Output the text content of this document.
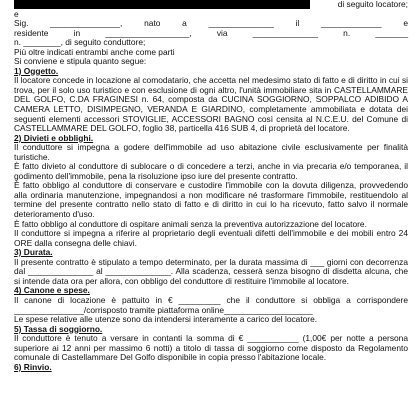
di seguito locatore;
e
Sig. _______________, nato a ______________ il _____________ e
residente in __________________, via ______________ n. _______
n. ________, di seguito conduttore;
Più oltre indicati entrambi anche come parti
Si conviene e stipula quanto segue:
1) Oggetto.
Il locatore concede in locazione al comodatario, che accetta nel medesimo stato di fatto e di diritto in cui si trova, per il solo uso turistico e con esclusione di ogni altro, l'unità immobiliare sita in CASTELLAMMARE DEL GOLFO, C.DA FRAGINESI n. 64, composta da CUCINA SOGGIORNO, SOPPALCO ADIBIDO A CAMERA LETTO, DISIMPEGNO, VERANDA E GIARDINO, completamente ammobiliata e dotata dei seguenti elementi accessori STOVIGLIE, ACCESSORI BAGNO così censita al N.C.E.U. del Comune di CASTELLAMMARE DEL GOLFO, foglio 38, particella 416 SUB 4, di proprietà del locatore.
2) Divieti e obblighi.
Il conduttore si impegna a godere dell'immobile ad uso abitazione civile esclusivamente per finalità turistiche.
È fatto divieto al conduttore di sublocare o di concedere a terzi, anche in via precaria e/o temporanea, il godimento dell'immobile, pena la risoluzione ipso iure del presente contratto.
È fatto obbligo al conduttore di conservare e custodire l'immobile con la dovuta diligenza, provvedendo alla ordinaria manutenzione, impegnandosi a non modificare né trasformare l'immobile, restituendolo al termine del presente contratto nello stato di fatto e di diritto in cui lo ha ricevuto, fatto salvo il normale deterioramento d'uso.
È fatto obbligo al conduttore di ospitare animali senza la preventiva autorizzazione del locatore.
Il conduttore si impegna a riferire al proprietario degli eventuali difetti dell'immobile e dei mobili entro 24 ORE dalla consegna delle chiavi.
3) Durata.
Il presente contratto è stipulato a tempo determinato, per la durata massima di ___ giorni con decorrenza dal ______________ al ______________. Alla scadenza, cesserà senza bisogno di disdetta alcuna, che si intende data ora per allora, con obbligo del conduttore di restituire l'immobile al locatore.
4) Canone e spese.
Il canone di locazione è pattuito in € _________ che il conduttore si obbliga a corrispondere _______________/corrisposto tramite piattaforma online___________________
Le spese relative alle utenze sono da intendersi interamente a carico del locatore.
5) Tassa di soggiorno.
Il conduttore è tenuto a versare in contanti la somma di € ___________ (1,00€ per notte a persona superiore ai 12 anni per massimo 6 notti) a titolo di tassa di soggiorno come disposto da Regolamento comunale di Castellammare Del Golfo disponibile in copia presso l'abitazione locale.
6) Rinvio.
